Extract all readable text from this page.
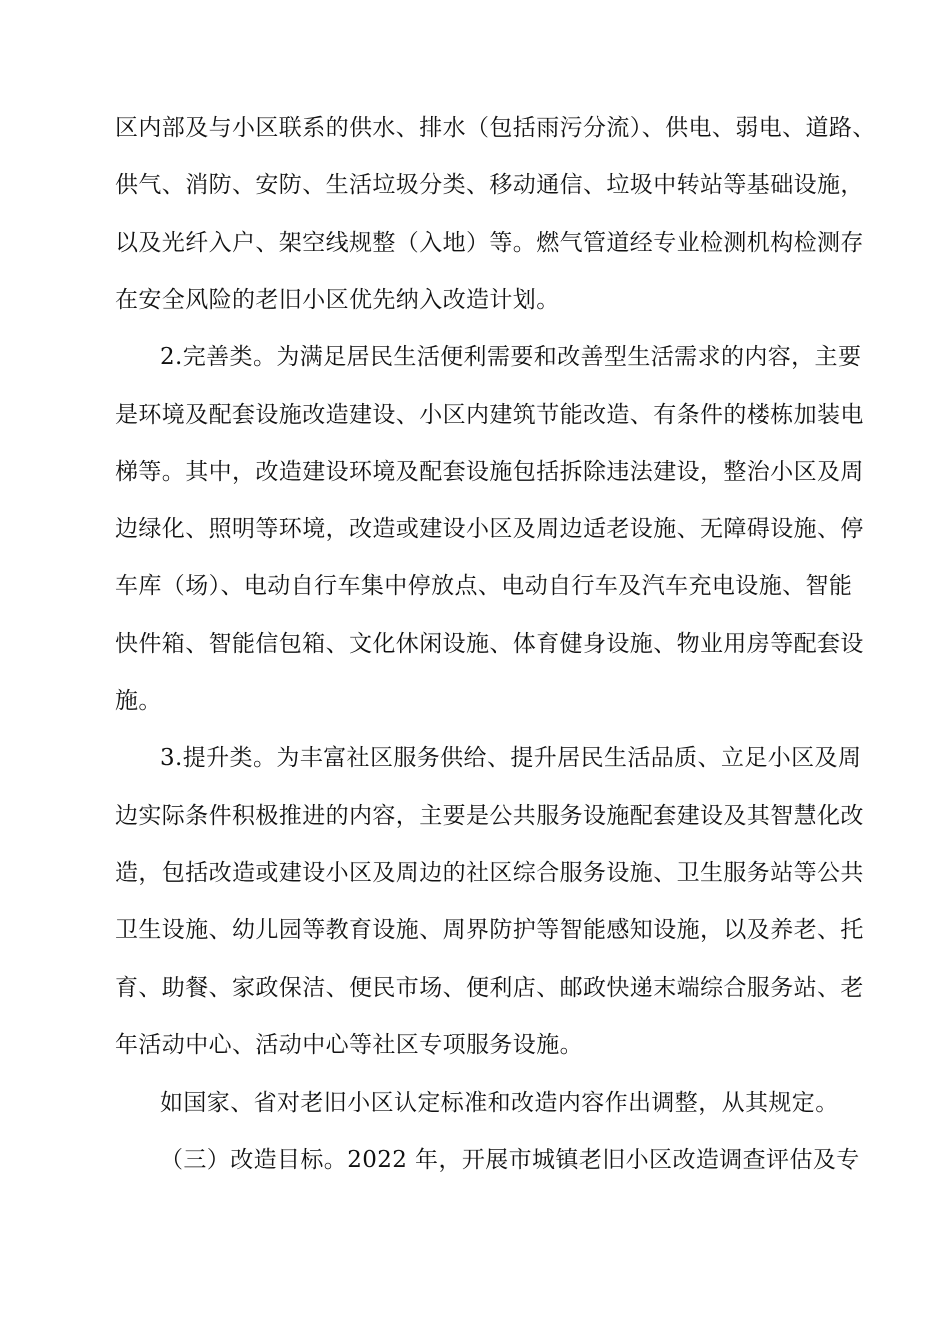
区内部及与小区联系的供水、排水（包括雨污分流）、供电、弱电、道路、
供气、消防、安防、生活垃圾分类、移动通信、垃圾中转站等基础设施，
以及光纤入户、架空线规整（入地）等。燃气管道经专业检测机构检测存
在安全风险的老旧小区优先纳入改造计划。
2.完善类。为满足居民生活便利需要和改善型生活需求的内容，主要
是环境及配套设施改造建设、小区内建筑节能改造、有条件的楼栋加装电
梯等。其中，改造建设环境及配套设施包括拆除违法建设，整治小区及周
边绿化、照明等环境，改造或建设小区及周边适老设施、无障碍设施、停
车库（场）、电动自行车集中停放点、电动自行车及汽车充电设施、智能
快件箱、智能信包箱、文化休闲设施、体育健身设施、物业用房等配套设
施。
3.提升类。为丰富社区服务供给、提升居民生活品质、立足小区及周
边实际条件积极推进的内容，主要是公共服务设施配套建设及其智慧化改
造，包括改造或建设小区及周边的社区综合服务设施、卫生服务站等公共
卫生设施、幼儿园等教育设施、周界防护等智能感知设施，以及养老、托
育、助餐、家政保洁、便民市场、便利店、邮政快递末端综合服务站、老
年活动中心、活动中心等社区专项服务设施。
如国家、省对老旧小区认定标准和改造内容作出调整，从其规定。
（三）改造目标。2022 年，开展市城镇老旧小区改造调查评估及专
